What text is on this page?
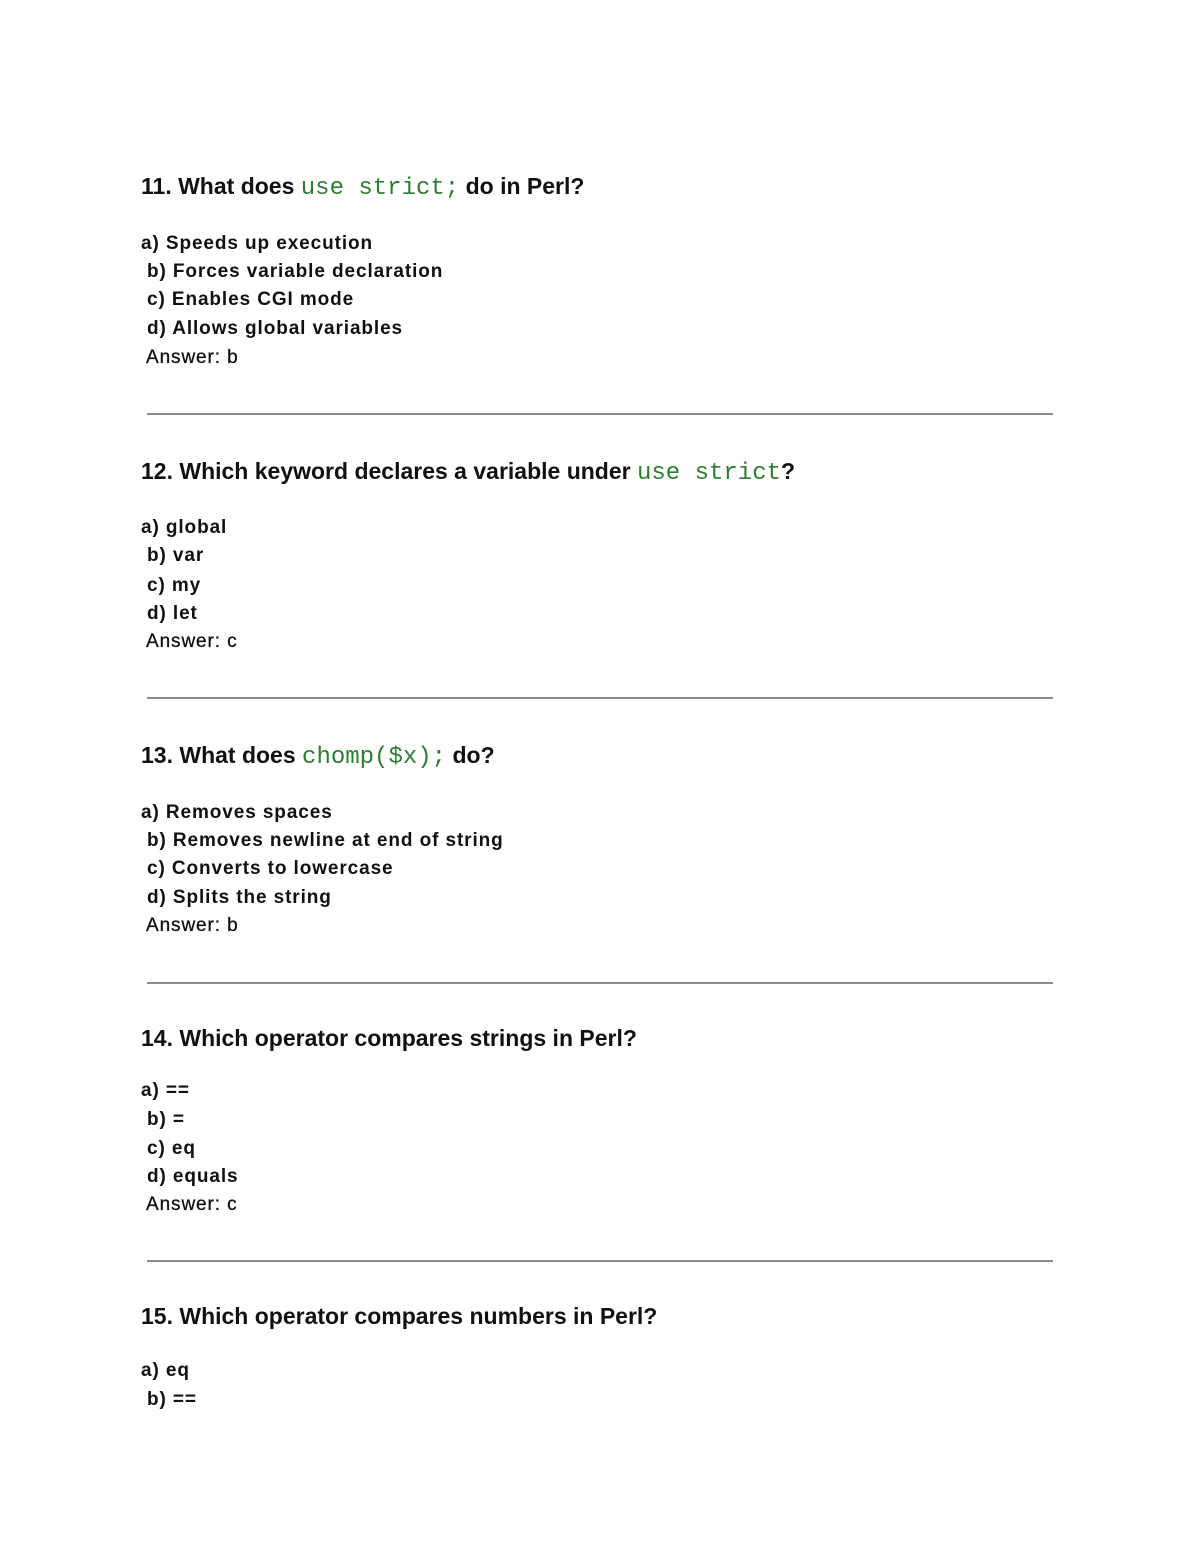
11. What does use strict; do in Perl?
a) Speeds up execution
b) Forces variable declaration
c) Enables CGI mode
d) Allows global variables
Answer: b
12. Which keyword declares a variable under use strict?
a) global
b) var
c) my
d) let
Answer: c
13. What does chomp($x); do?
a) Removes spaces
b) Removes newline at end of string
c) Converts to lowercase
d) Splits the string
Answer: b
14. Which operator compares strings in Perl?
a) ==
b) =
c) eq
d) equals
Answer: c
15. Which operator compares numbers in Perl?
a) eq
b) ==
